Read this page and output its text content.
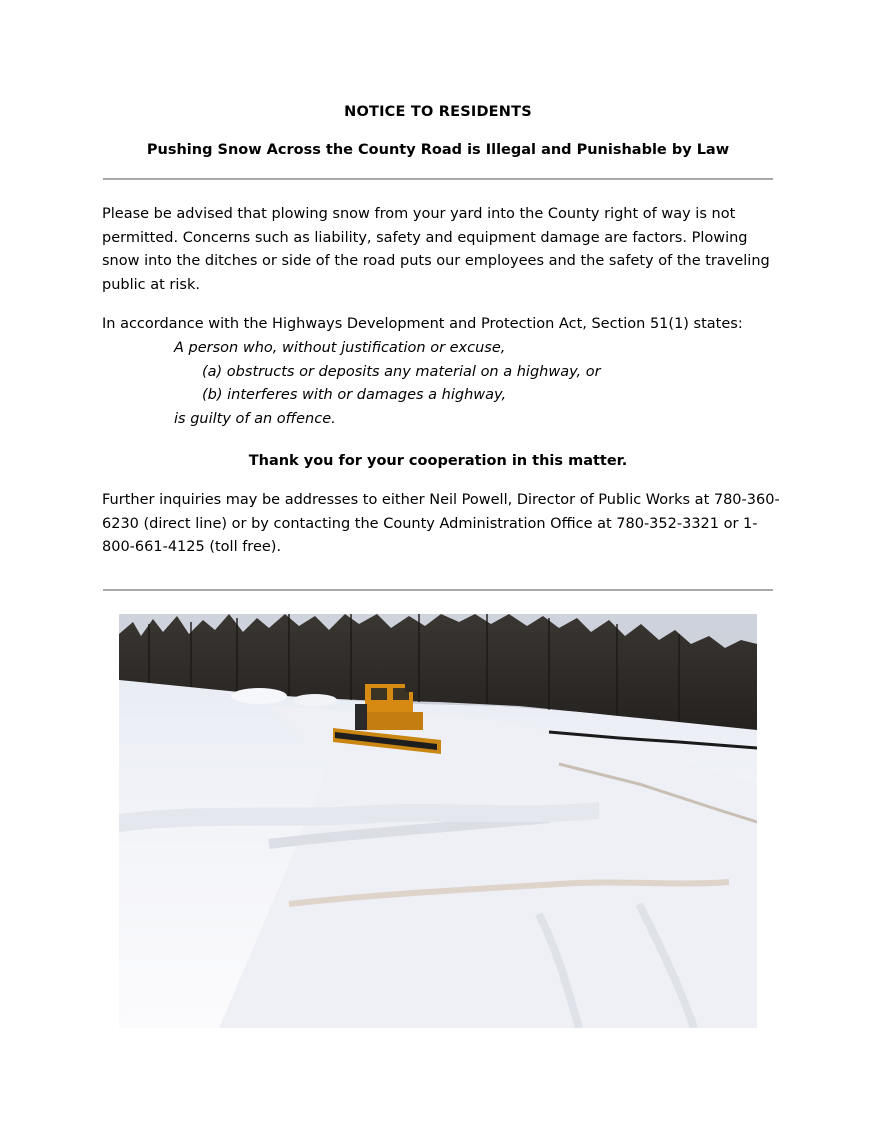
NOTICE TO RESIDENTS
Pushing Snow Across the County Road is Illegal and Punishable by Law
Please be advised that plowing snow from your yard into the County right of way is not permitted. Concerns such as liability, safety and equipment damage are factors. Plowing snow into the ditches or side of the road puts our employees and the safety of the traveling public at risk.
In accordance with the Highways Development and Protection Act, Section 51(1) states:
A person who, without justification or excuse,
(a) obstructs or deposits any material on a highway, or
(b) interferes with or damages a highway,
is guilty of an offence.
Thank you for your cooperation in this matter.
Further inquiries may be addresses to either Neil Powell, Director of Public Works at 780-360-6230 (direct line) or by contacting the County Administration Office at 780-352-3321 or 1-800-661-4125 (toll free).
